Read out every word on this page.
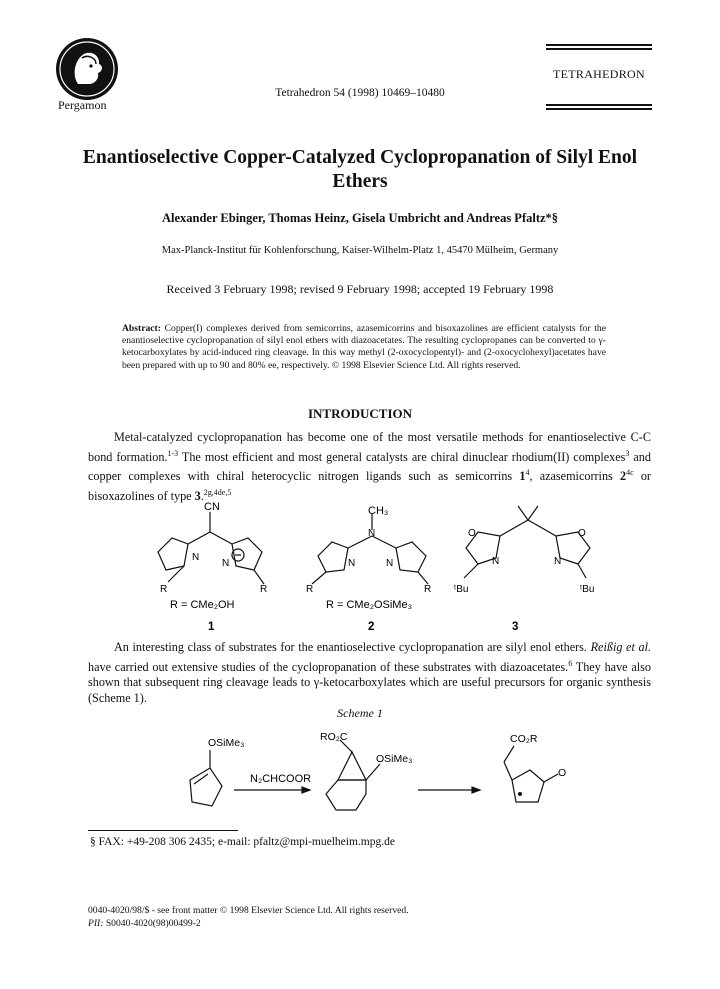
Pergamon
Tetrahedron 54 (1998) 10469–10480
TETRAHEDRON
Enantioselective Copper-Catalyzed Cyclopropanation of Silyl Enol Ethers
Alexander Ebinger, Thomas Heinz, Gisela Umbricht and Andreas Pfaltz*§
Max-Planck-Institut für Kohlenforschung, Kaiser-Wilhelm-Platz 1, 45470 Mülheim, Germany
Received 3 February 1998; revised 9 February 1998; accepted 19 February 1998
Abstract: Copper(I) complexes derived from semicorrins, azasemicorrins and bisoxazolines are efficient catalysts for the enantioselective cyclopropanation of silyl enol ethers with diazoacetates. The resulting cyclopropanes can be converted to γ-ketocarboxylates by acid-induced ring cleavage. In this way methyl (2-oxocyclopentyl)- and (2-oxocyclohexyl)acetates have been prepared with up to 90 and 80% ee, respectively. © 1998 Elsevier Science Ltd. All rights reserved.
INTRODUCTION
Metal-catalyzed cyclopropanation has become one of the most versatile methods for enantioselective C-C bond formation.$^{1-3}$ The most efficient and most general catalysts are chiral dinuclear rhodium(II) complexes$^3$ and copper complexes with chiral heterocyclic nitrogen ligands such as semicorrins $1^4$, azasemicorrins $2^{4c}$ or bisoxazolines of type 3.$^{2g,4de,5}$
CN
N
N
R	R
CH₃
N
N	N
R	R
O	O
N	N
ᵗBu	ᵗBu
R = CMe₂OH	R = CMe₂OSiMe₃
1	2	3
An interesting class of substrates for the enantioselective cyclopropanation are silyl enol ethers. Reißig et al. have carried out extensive studies of the cyclopropanation of these substrates with diazoacetates.$^6$ They have also shown that subsequent ring cleavage leads to γ-ketocarboxylates which are useful precursors for organic synthesis (Scheme 1).
Scheme 1
OSiMe₃
N₂CHCOOR
RO₂C
OSiMe₃
CO₂R
O
§ FAX: +49-208 306 2435; e-mail: pfaltz@mpi-muelheim.mpg.de
0040-4020/98/$ - see front matter © 1998 Elsevier Science Ltd. All rights reserved.
PII: S0040-4020(98)00499-2
